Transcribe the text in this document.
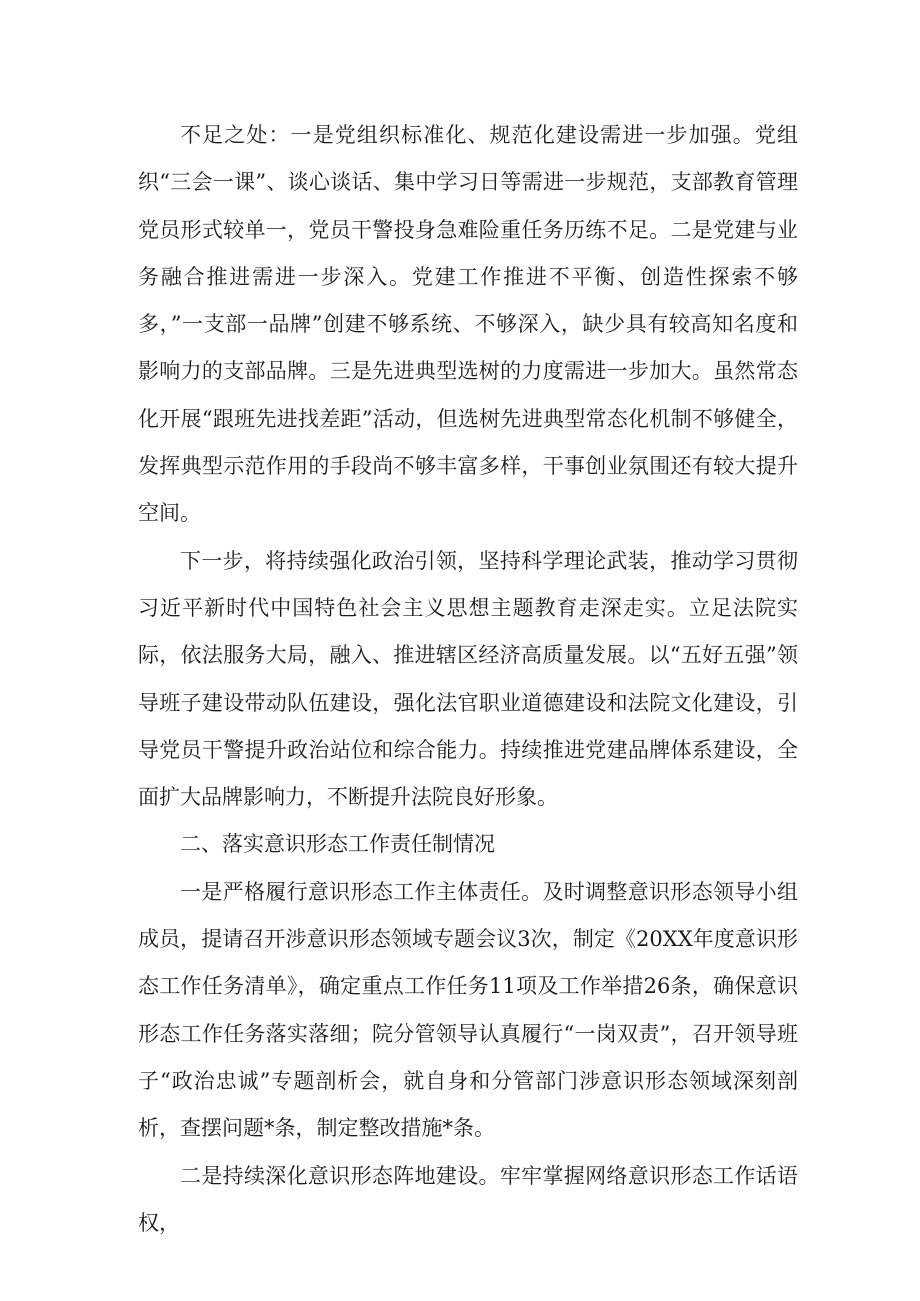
不足之处：一是党组织标准化、规范化建设需进一步加强。党组织“三会一课”、谈心谈话、集中学习日等需进一步规范，支部教育管理党员形式较单一，党员干警投身急难险重任务历练不足。二是党建与业务融合推进需进一步深入。党建工作推进不平衡、创造性探索不够多，”一支部一品牌”创建不够系统、不够深入，缺少具有较高知名度和影响力的支部品牌。三是先进典型选树的力度需进一步加大。虽然常态化开展“跟班先进找差距”活动，但选树先进典型常态化机制不够健全，发挥典型示范作用的手段尚不够丰富多样，干事创业氛围还有较大提升空间。

下一步，将持续强化政治引领，坚持科学理论武装，推动学习贯彻习近平新时代中国特色社会主义思想主题教育走深走实。立足法院实际，依法服务大局，融入、推进辖区经济高质量发展。以“五好五强”领导班子建设带动队伍建设，强化法官职业道德建设和法院文化建设，引导党员干警提升政治站位和综合能力。持续推进党建品牌体系建设，全面扩大品牌影响力，不断提升法院良好形象。

二、落实意识形态工作责任制情况

一是严格履行意识形态工作主体责任。及时调整意识形态领导小组成员，提请召开涉意识形态领域专题会议3次，制定《20XX年度意识形态工作任务清单》，确定重点工作任务11项及工作举措26条，确保意识形态工作任务落实落细；院分管领导认真履行“一岗双责”，召开领导班子“政治忠诚”专题剖析会，就自身和分管部门涉意识形态领域深刻剖析，查摆问题*条，制定整改措施*条。

二是持续深化意识形态阵地建设。牢牢掌握网络意识形态工作话语权，
